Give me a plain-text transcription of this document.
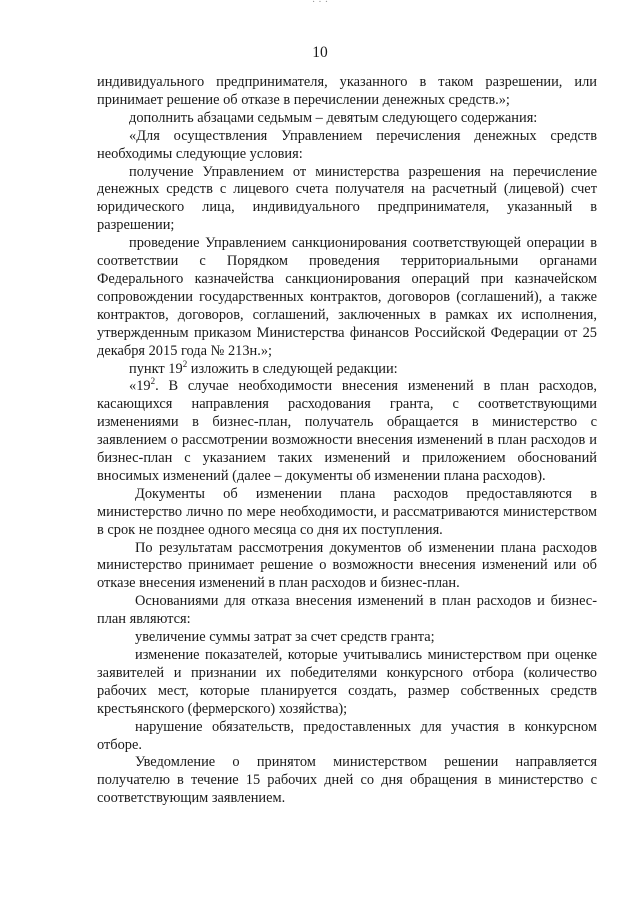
· · ·
10

индивидуального предпринимателя, указанного в таком разрешении, или принимает решение об отказе в перечислении денежных средств.»;

дополнить абзацами седьмым – девятым следующего содержания:

«Для осуществления Управлением перечисления денежных средств необходимы следующие условия:

получение Управлением от министерства разрешения на перечисление денежных средств с лицевого счета получателя на расчетный (лицевой) счет юридического лица, индивидуального предпринимателя, указанный в разрешении;

проведение Управлением санкционирования соответствующей операции в соответствии с Порядком проведения территориальными органами Федерального казначейства санкционирования операций при казначейском сопровождении государственных контрактов, договоров (соглашений), а также контрактов, договоров, соглашений, заключенных в рамках их исполнения, утвержденным приказом Министерства финансов Российской Федерации от 25 декабря 2015 года № 213н.»;

пункт $19^2$ изложить в следующей редакции:

«$19^2$. В случае необходимости внесения изменений в план расходов, касающихся направления расходования гранта, с соответствующими изменениями в бизнес-план, получатель обращается в министерство с заявлением о рассмотрении возможности внесения изменений в план расходов и бизнес-план с указанием таких изменений и приложением обоснований вносимых изменений (далее – документы об изменении плана расходов).

Документы об изменении плана расходов предоставляются в министерство лично по мере необходимости, и рассматриваются министерством в срок не позднее одного месяца со дня их поступления.

По результатам рассмотрения документов об изменении плана расходов министерство принимает решение о возможности внесения изменений или об отказе внесения изменений в план расходов и бизнес-план.

Основаниями для отказа внесения изменений в план расходов и бизнес-план являются:

увеличение суммы затрат за счет средств гранта;

изменение показателей, которые учитывались министерством при оценке заявителей и признании их победителями конкурсного отбора (количество рабочих мест, которые планируется создать, размер собственных средств крестьянского (фермерского) хозяйства);

нарушение обязательств, предоставленных для участия в конкурсном отборе.

Уведомление о принятом министерством решении направляется получателю в течение 15 рабочих дней со дня обращения в министерство с соответствующим заявлением.
